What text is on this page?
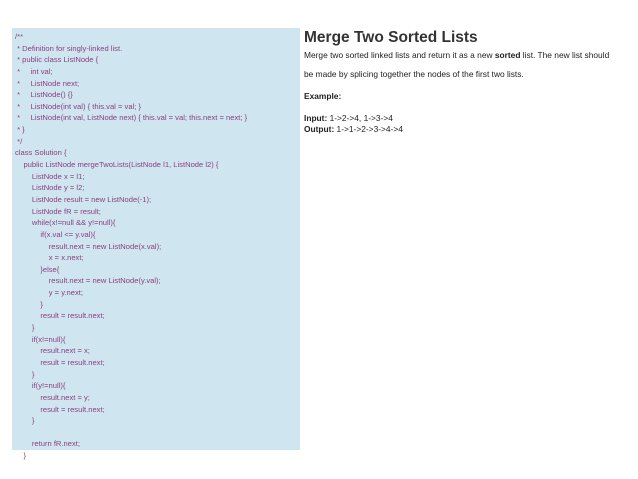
/**
* Definition for singly-linked list.
* public class ListNode {
*     int val;
*     ListNode next;
*     ListNode() {}
*     ListNode(int val) { this.val = val; }
*     ListNode(int val, ListNode next) { this.val = val; this.next = next; }
* }
*/
class Solution {
public ListNode mergeTwoLists(ListNode l1, ListNode l2) {
ListNode x = l1;
ListNode y = l2;
ListNode result = new ListNode(-1);
ListNode fR = result;
while(x!=null && y!=null){
if(x.val <= y.val){
result.next = new ListNode(x.val);
x = x.next;
}else{
result.next = new ListNode(y.val);
y = y.next;
}
result = result.next;
}
if(x!=null){
result.next = x;
result = result.next;
}
if(y!=null){
result.next = y;
result = result.next;
}
return fR.next;
}
Merge Two Sorted Lists
Merge two sorted linked lists and return it as a new sorted list. The new list should
be made by splicing together the nodes of the first two lists.
Example:
Input: 1->2->4, 1->3->4
Output: 1->1->2->3->4->4
